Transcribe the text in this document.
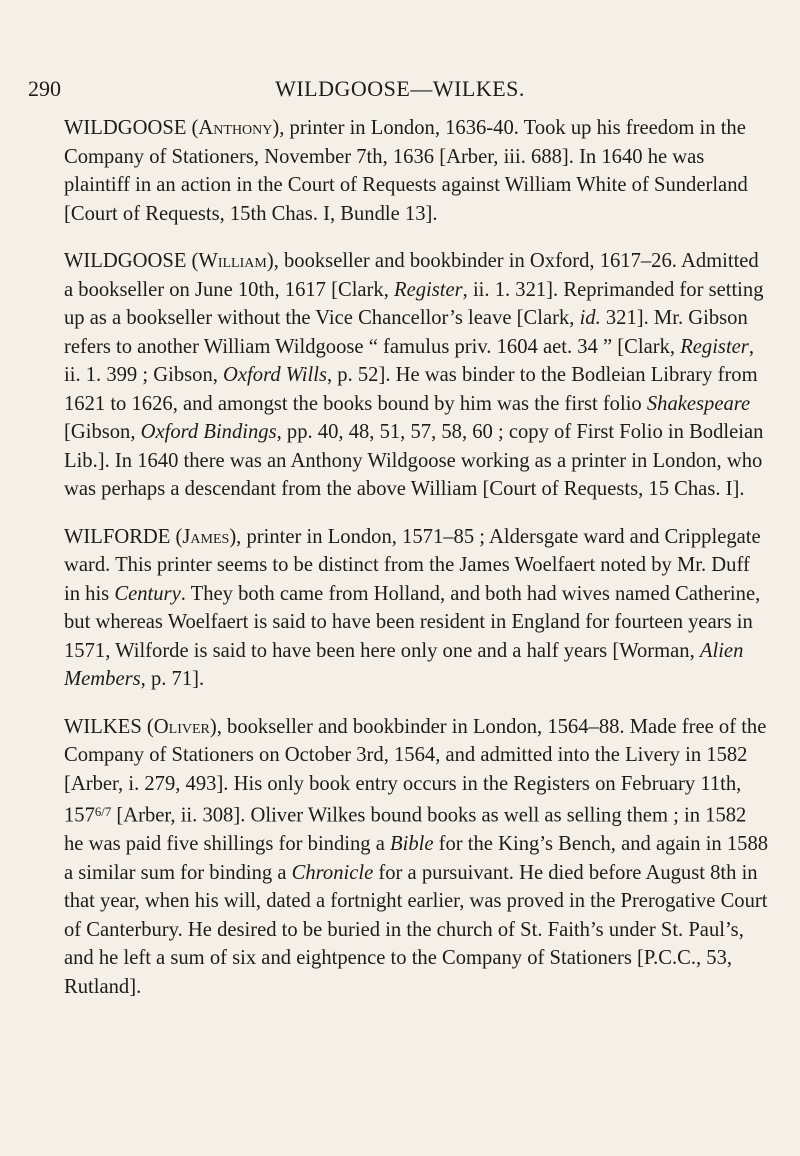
290	WILDGOOSE—WILKES.

WILDGOOSE (Anthony), printer in London, 1636-40. Took up his freedom in the Company of Stationers, November 7th, 1636 [Arber, iii. 688]. In 1640 he was plaintiff in an action in the Court of Requests against William White of Sunderland [Court of Requests, 15th Chas. I, Bundle 13].

WILDGOOSE (William), bookseller and bookbinder in Oxford, 1617–26. Admitted a bookseller on June 10th, 1617 [Clark, Register, ii. 1. 321]. Reprimanded for setting up as a bookseller without the Vice Chancellor’s leave [Clark, id. 321]. Mr. Gibson refers to another William Wildgoose “ famulus priv. 1604 aet. 34 ” [Clark, Register, ii. 1. 399 ; Gibson, Oxford Wills, p. 52]. He was binder to the Bodleian Library from 1621 to 1626, and amongst the books bound by him was the first folio Shakespeare [Gibson, Oxford Bindings, pp. 40, 48, 51, 57, 58, 60 ; copy of First Folio in Bodleian Lib.]. In 1640 there was an Anthony Wildgoose working as a printer in London, who was perhaps a descendant from the above William [Court of Requests, 15 Chas. I].

WILFORDE (James), printer in London, 1571–85 ; Aldersgate ward and Cripplegate ward. This printer seems to be distinct from the James Woelfaert noted by Mr. Duff in his Century. They both came from Holland, and both had wives named Catherine, but whereas Woelfaert is said to have been resident in England for fourteen years in 1571, Wilforde is said to have been here only one and a half years [Worman, Alien Members, p. 71].

WILKES (Oliver), bookseller and bookbinder in London, 1564–88. Made free of the Company of Stationers on October 3rd, 1564, and admitted into the Livery in 1582 [Arber, i. 279, 493]. His only book entry occurs in the Registers on February 11th, $157^{6/7}$ [Arber, ii. 308]. Oliver Wilkes bound books as well as selling them ; in 1582 he was paid five shillings for binding a Bible for the King’s Bench, and again in 1588 a similar sum for binding a Chronicle for a pursuivant. He died before August 8th in that year, when his will, dated a fortnight earlier, was proved in the Prerogative Court of Canterbury. He desired to be buried in the church of St. Faith’s under St. Paul’s, and he left a sum of six and eightpence to the Company of Stationers [P.C.C., 53, Rutland].
